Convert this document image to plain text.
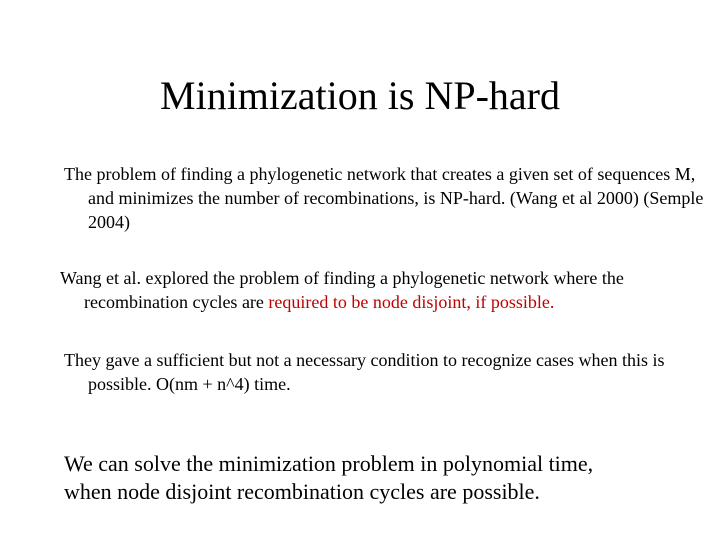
Minimization is NP-hard

The problem of finding a phylogenetic network that creates a given set of sequences M, and minimizes the number of recombinations, is NP-hard. (Wang et al 2000) (Semple 2004)

Wang et al. explored the problem of finding a phylogenetic network where the recombination cycles are required to be node disjoint, if possible.

They gave a sufficient but not a necessary condition to recognize cases when this is possible. O(nm + n^4) time.

We can solve the minimization problem in polynomial time,
when node disjoint recombination cycles are possible.
